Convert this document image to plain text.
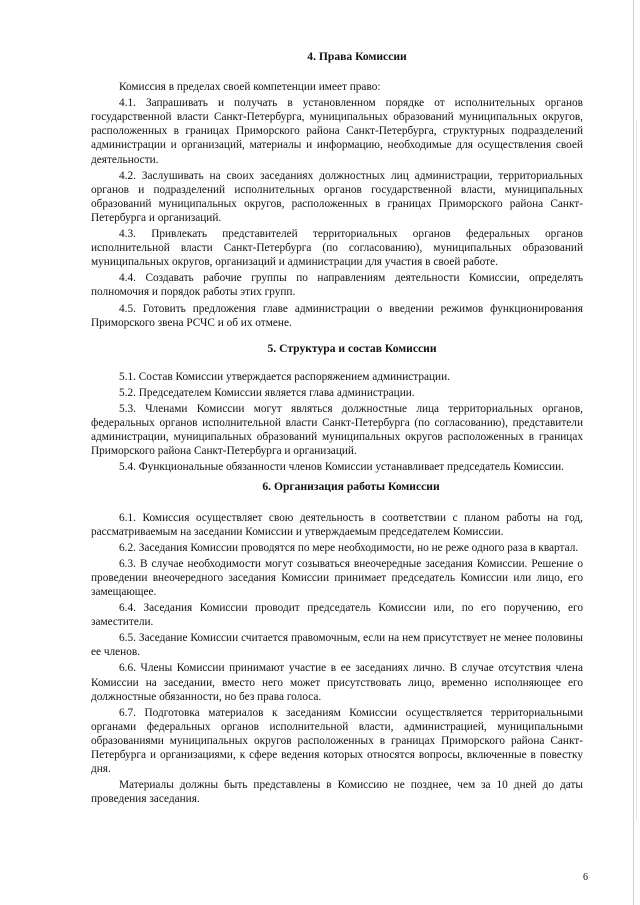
4. Права Комиссии

Комиссия в пределах своей компетенции имеет право:

4.1. Запрашивать и получать в установленном порядке от исполнительных органов государственной власти Санкт-Петербурга, муниципальных образований муниципальных округов, расположенных в границах Приморского района Санкт-Петербурга, структурных подразделений администрации и организаций, материалы и информацию, необходимые для осуществления своей деятельности.

4.2. Заслушивать на своих заседаниях должностных лиц администрации, территориальных органов и подразделений исполнительных органов государственной власти, муниципальных образований муниципальных округов, расположенных в границах Приморского района Санкт-Петербурга и организаций.

4.3. Привлекать представителей территориальных органов федеральных органов исполнительной власти Санкт-Петербурга (по согласованию), муниципальных образований муниципальных округов, организаций и администрации для участия в своей работе.

4.4. Создавать рабочие группы по направлениям деятельности Комиссии, определять полномочия и порядок работы этих групп.

4.5. Готовить предложения главе администрации о введении режимов функционирования Приморского звена РСЧС и об их отмене.

5. Структура и состав Комиссии

5.1. Состав Комиссии утверждается распоряжением администрации.

5.2. Председателем Комиссии является глава администрации.

5.3. Членами Комиссии могут являться должностные лица территориальных органов, федеральных органов исполнительной власти Санкт-Петербурга (по согласованию), представители администрации, муниципальных образований муниципальных округов расположенных в границах Приморского района Санкт-Петербурга и организаций.

5.4. Функциональные обязанности членов Комиссии устанавливает председатель Комиссии.

6. Организация работы Комиссии

6.1. Комиссия осуществляет свою деятельность в соответствии с планом работы на год, рассматриваемым на заседании Комиссии и утверждаемым председателем Комиссии.

6.2. Заседания Комиссии проводятся по мере необходимости, но не реже одного раза в квартал.

6.3. В случае необходимости могут созываться внеочередные заседания Комиссии. Решение о проведении внеочередного заседания Комиссии принимает председатель Комиссии или лицо, его замещающее.

6.4. Заседания Комиссии проводит председатель Комиссии или, по его поручению, его заместители.

6.5. Заседание Комиссии считается правомочным, если на нем присутствует не менее половины ее членов.

6.6. Члены Комиссии принимают участие в ее заседаниях лично. В случае отсутствия члена Комиссии на заседании, вместо него может присутствовать лицо, временно исполняющее его должностные обязанности, но без права голоса.

6.7. Подготовка материалов к заседаниям Комиссии осуществляется территориальными органами федеральных органов исполнительной власти, администрацией, муниципальными образованиями муниципальных округов расположенных в границах Приморского района Санкт-Петербурга и организациями, к сфере ведения которых относятся вопросы, включенные в повестку дня.

Материалы должны быть представлены в Комиссию не позднее, чем за 10 дней до даты проведения заседания.

6
